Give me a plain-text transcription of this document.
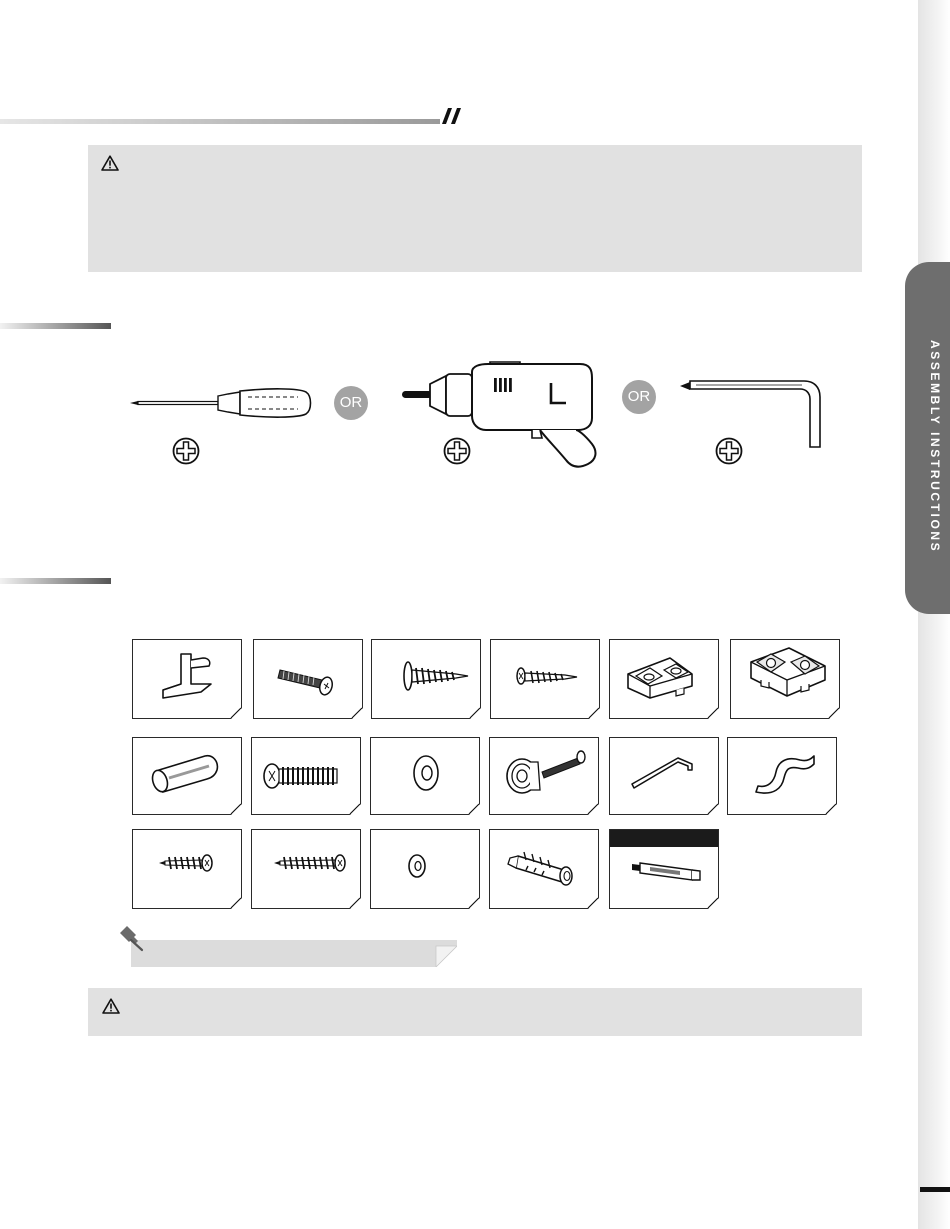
ASSEMBLY INSTRUCTIONS
OR	OR
